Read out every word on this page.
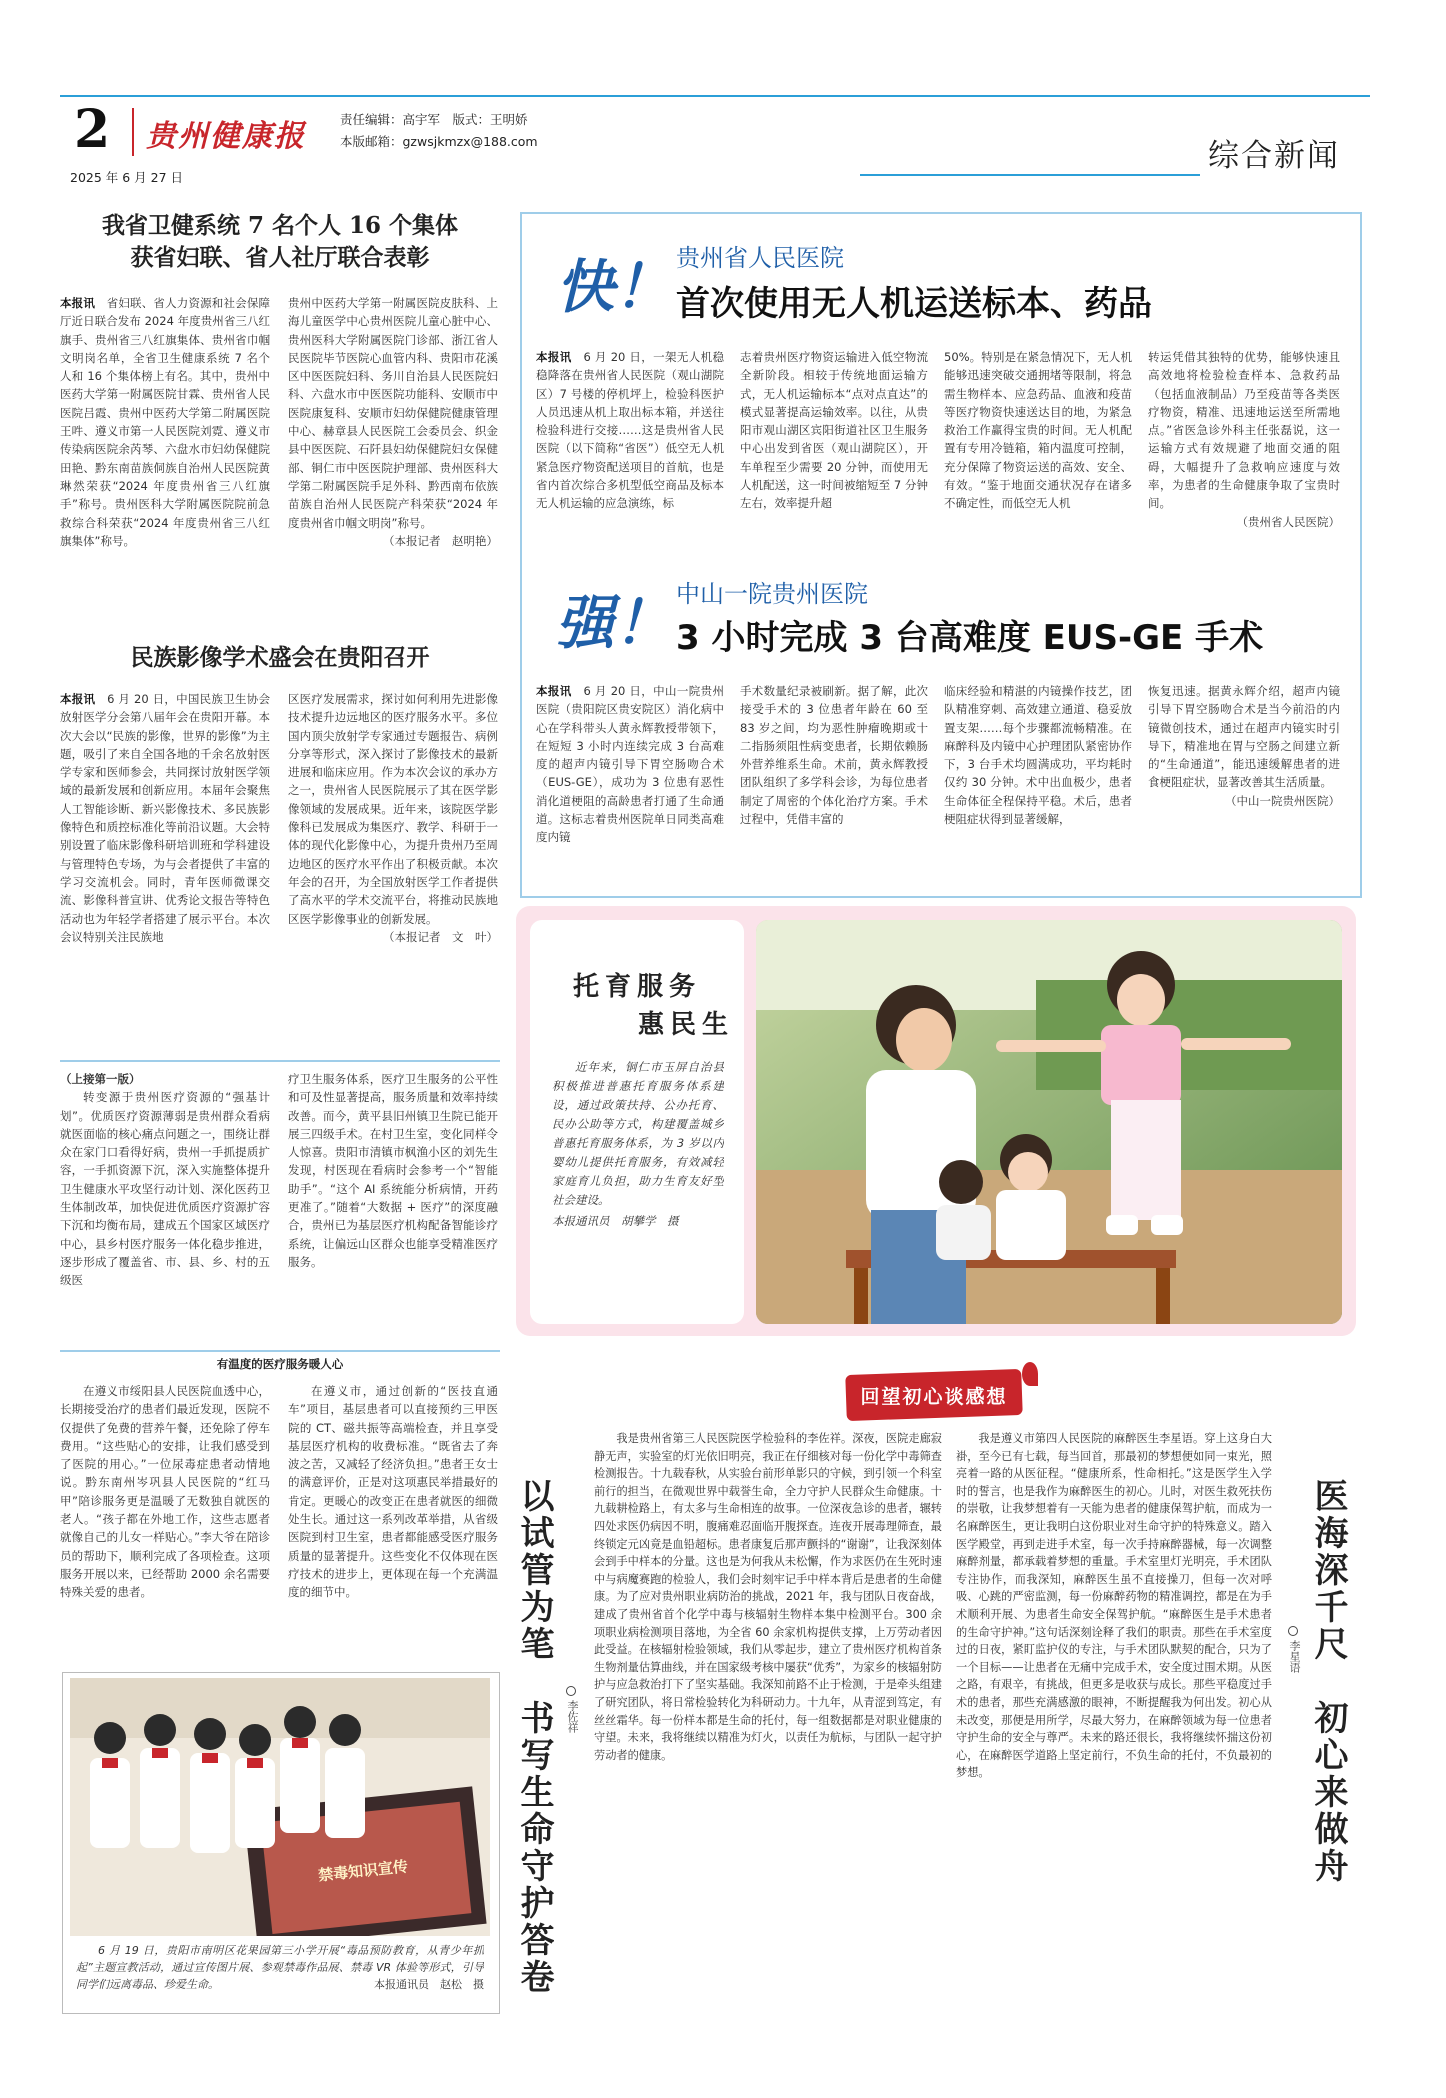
2 贵州健康报	责任编辑：高宇军　版式：王明娇
本版邮箱：gzwsjkmzx@188.com
2025 年 6 月 27 日
综合新闻
我省卫健系统 7 名个人 16 个集体
获省妇联、省人社厅联合表彰
本报讯　省妇联、省人力资源和社会保障厅近日联合发布 2024 年度贵州省三八红旗手、贵州省三八红旗集体、贵州省巾帼文明岗名单，全省卫生健康系统 7 名个人和 16 个集体榜上有名。其中，贵州中医药大学第一附属医院甘霖、贵州省人民医院吕霞、贵州中医药大学第二附属医院王吽、遵义市第一人民医院刘霓、遵义市传染病医院余芮琴、六盘水市妇幼保健院田艳、黔东南苗族侗族自治州人民医院黄琳然荣获“2024 年度贵州省三八红旗手”称号。贵州医科大学附属医院院前急救综合科荣获“2024 年度贵州省三八红旗集体”称号。
贵州中医药大学第一附属医院皮肤科、上海儿童医学中心贵州医院儿童心脏中心、贵州医科大学附属医院门诊部、浙江省人民医院毕节医院心血管内科、贵阳市花溪区中医医院妇科、务川自治县人民医院妇科、六盘水市中医医院功能科、安顺市中医院康复科、安顺市妇幼保健院健康管理中心、赫章县人民医院工会委员会、织金县中医医院、石阡县妇幼保健院妇女保健部、铜仁市中医医院护理部、贵州医科大学第二附属医院手足外科、黔西南布依族苗族自治州人民医院产科荣获“2024 年度贵州省巾帼文明岗”称号。
（本报记者　赵明艳）
民族影像学术盛会在贵阳召开
本报讯　6 月 20 日，中国民族卫生协会放射医学分会第八届年会在贵阳开幕。本次大会以“民族的影像，世界的影像”为主题，吸引了来自全国各地的千余名放射医学专家和医师参会，共同探讨放射医学领域的最新发展和创新应用。本届年会聚焦人工智能诊断、新兴影像技术、多民族影像特色和质控标准化等前沿议题。大会特别设置了临床影像科研培训班和学科建设与管理特色专场，为与会者提供了丰富的学习交流机会。同时，青年医师微课交流、影像科普宣讲、优秀论文报告等特色活动也为年轻学者搭建了展示平台。本次会议特别关注民族地
区医疗发展需求，探讨如何利用先进影像技术提升边远地区的医疗服务水平。多位国内顶尖放射学专家通过专题报告、病例分享等形式，深入探讨了影像技术的最新进展和临床应用。作为本次会议的承办方之一，贵州省人民医院展示了其在医学影像领域的发展成果。近年来，该院医学影像科已发展成为集医疗、教学、科研于一体的现代化影像中心，为提升贵州乃至周边地区的医疗水平作出了积极贡献。本次年会的召开，为全国放射医学工作者提供了高水平的学术交流平台，将推动民族地区医学影像事业的创新发展。
（本报记者　文　叶）
快！ 贵州省人民医院
首次使用无人机运送标本、药品
本报讯　6 月 20 日，一架无人机稳稳降落在贵州省人民医院（观山湖院区）7 号楼的停机坪上，检验科医护人员迅速从机上取出标本箱，并送往检验科进行交接……这是贵州省人民医院（以下简称“省医”）低空无人机紧急医疗物资配送项目的首航，也是省内首次综合多机型低空商品及标本无人机运输的应急演练，标
志着贵州医疗物资运输进入低空物流全新阶段。相较于传统地面运输方式，无人机运输标本“点对点直达”的模式显著提高运输效率。以往，从贵阳市观山湖区宾阳街道社区卫生服务中心出发到省医（观山湖院区），开车单程至少需要 20 分钟，而使用无人机配送，这一时间被缩短至 7 分钟左右，效率提升超
50%。特别是在紧急情况下，无人机能够迅速突破交通拥堵等限制，将急需生物样本、应急药品、血液和疫苗等医疗物资快速送达目的地，为紧急救治工作赢得宝贵的时间。无人机配置有专用冷链箱，箱内温度可控制，充分保障了物资运送的高效、安全、有效。“鉴于地面交通状况存在诸多不确定性，而低空无人机
转运凭借其独特的优势，能够快速且高效地将检验检查样本、急救药品（包括血液制品）乃至疫苗等各类医疗物资，精准、迅速地运送至所需地点。”省医急诊外科主任张磊说，这一运输方式有效规避了地面交通的阻碍，大幅提升了急救响应速度与效率，为患者的生命健康争取了宝贵时间。
（贵州省人民医院）
强！ 中山一院贵州医院
3 小时完成 3 台高难度 EUS-GE 手术
本报讯　6 月 20 日，中山一院贵州医院（贵阳院区贵安院区）消化病中心在学科带头人黄永辉教授带领下，在短短 3 小时内连续完成 3 台高难度的超声内镜引导下胃空肠吻合术（EUS-GE），成功为 3 位患有恶性消化道梗阻的高龄患者打通了生命通道。这标志着贵州医院单日同类高难度内镜
手术数量纪录被刷新。据了解，此次接受手术的 3 位患者年龄在 60 至 83 岁之间，均为恶性肿瘤晚期或十二指肠须阻性病变患者，长期依赖肠外营养维系生命。术前，黄永辉教授团队组织了多学科会诊，为每位患者制定了周密的个体化治疗方案。手术过程中，凭借丰富的
临床经验和精湛的内镜操作技艺，团队精准穿刺、高效建立通道、稳妥放置支架……每个步骤都流畅精准。在麻醉科及内镜中心护理团队紧密协作下，3 台手术均圆满成功，平均耗时仅约 30 分钟。术中出血极少，患者生命体征全程保持平稳。术后，患者梗阻症状得到显著缓解，
恢复迅速。据黄永辉介绍，超声内镜引导下胃空肠吻合术是当今前沿的内镜微创技术，通过在超声内镜实时引导下，精准地在胃与空肠之间建立新的“生命通道”，能迅速缓解患者的进食梗阻症状，显著改善其生活质量。
（中山一院贵州医院）
托育服务
惠民生
近年来，铜仁市玉屏自治县积极推进普惠托育服务体系建设，通过政策扶持、公办托育、民办公助等方式，构建覆盖城乡普惠托育服务体系，为 3 岁以内婴幼儿提供托育服务，有效减轻家庭育儿负担，助力生育友好型社会建设。
本报通讯员　胡攀学　摄
（上接第一版）
转变源于贵州医疗资源的“强基计划”。优质医疗资源薄弱是贵州群众看病就医面临的核心痛点问题之一，围绕让群众在家门口看得好病，贵州一手抓提质扩容，一手抓资源下沉，深入实施整体提升卫生健康水平攻坚行动计划、深化医药卫生体制改革，加快促进优质医疗资源扩容下沉和均衡布局，建成五个国家区域医疗中心，县乡村医疗服务一体化稳步推进，逐步形成了覆盖省、市、县、乡、村的五级医
疗卫生服务体系，医疗卫生服务的公平性和可及性显著提高，服务质量和效率持续改善。而今，黄平县旧州镇卫生院已能开展三四级手术。在村卫生室，变化同样令人惊喜。贵阳市清镇市枫渔小区的刘先生发现，村医现在看病时会参考一个“智能助手”。“这个 AI 系统能分析病情，开药更准了。”随着“大数据 + 医疗”的深度融合，贵州已为基层医疗机构配备智能诊疗系统，让偏远山区群众也能享受精准医疗服务。
有温度的医疗服务暖人心
在遵义市绥阳县人民医院血透中心，长期接受治疗的患者们最近发现，医院不仅提供了免费的营养午餐，还免除了停车费用。“这些贴心的安排，让我们感受到了医院的用心。”一位尿毒症患者动情地说。黔东南州岑巩县人民医院的“红马甲”陪诊服务更是温暖了无数独自就医的老人。“孩子都在外地工作，这些志愿者就像自己的儿女一样贴心。”李大爷在陪诊员的帮助下，顺利完成了各项检查。这项服务开展以来，已经帮助 2000 余名需要特殊关爱的患者。
在遵义市，通过创新的“医技直通车”项目，基层患者可以直接预约三甲医院的 CT、磁共振等高端检查，并且享受基层医疗机构的收费标准。“既省去了奔波之苦，又减轻了经济负担。”患者王女士的满意评价，正是对这项惠民举措最好的肯定。更暖心的改变正在患者就医的细微处生长。通过这一系列改革举措，从省级医院到村卫生室，患者都能感受医疗服务质量的显著提升。这些变化不仅体现在医疗技术的进步上，更体现在每一个充满温度的细节中。
禁毒知识宣传
6 月 19 日，贵阳市南明区花果园第三小学开展“毒品预防教育，从青少年抓起”主题宣教活动，通过宣传图片展、参观禁毒作品展、禁毒 VR 体验等形式，引导同学们远离毒品、珍爱生命。	本报通讯员　赵松　摄
回望初心谈感想
以试管为笔　书写生命守护答卷 李佐祥
我是贵州省第三人民医院医学检验科的李佐祥。深夜，医院走廊寂静无声，实验室的灯光依旧明亮，我正在仔细核对每一份化学中毒筛查检测报告。十九载春秋，从实验台前形单影只的守候，到引领一个科室前行的担当，在微观世界中载誉生命，全力守护人民群众生命健康。十九载耕检路上，有太多与生命相连的故事。一位深夜急诊的患者，辗转四处求医仍病因不明，腹痛难忍面临开腹探查。连夜开展毒理筛查，最终锁定元凶竟是血铅超标。患者康复后那声颤抖的“谢谢”，让我深刻体会到手中样本的分量。这也是为何我从未松懈，作为求医仍在生死时速中与病魔赛跑的检验人，我们会时刻牢记手中样本背后是患者的生命健康。为了应对贵州职业病防治的挑战，2021 年，我与团队日夜奋战，建成了贵州省首个化学中毒与核辐射生物样本集中检测平台。300 余项职业病检测项目落地，为全省 60 余家机构提供支撑，上万劳动者因此受益。在核辐射检验领域，我们从零起步，建立了贵州医疗机构首条生物剂量估算曲线，并在国家级考核中屡获“优秀”，为家乡的核辐射防护与应急救治打下了坚实基础。我深知前路不止于检测，于是牵头组建了研究团队，将日常检验转化为科研动力。十九年，从青涩到笃定，有丝丝霜华。每一份样本都是生命的托付，每一组数据都是对职业健康的守望。未来，我将继续以精准为灯火，以责任为航标，与团队一起守护劳动者的健康。
我是遵义市第四人民医院的麻醉医生李星语。穿上这身白大褂，至今已有七载，每当回首，那最初的梦想便如同一束光，照亮着一路的从医征程。“健康所系，性命相托。”这是医学生入学时的誓言，也是我作为麻醉医生的初心。儿时，对医生救死扶伤的崇敬，让我梦想着有一天能为患者的健康保驾护航，而成为一名麻醉医生，更让我明白这份职业对生命守护的特殊意义。踏入医学殿堂，再到走进手术室，每一次手持麻醉器械，每一次调整麻醉剂量，都承载着梦想的重量。手术室里灯光明亮，手术团队专注协作，而我深知，麻醉医生虽不直接操刀，但每一次对呼吸、心跳的严密监测，每一份麻醉药物的精准调控，都是在为手术顺利开展、为患者生命安全保驾护航。“麻醉医生是手术患者的生命守护神。”这句话深刻诠释了我们的职责。那些在手术室度过的日夜，紧盯监护仪的专注，与手术团队默契的配合，只为了一个目标——让患者在无痛中完成手术，安全度过围术期。从医之路，有艰辛，有挑战，但更多是收获与成长。那些平稳度过手术的患者，那些充满感激的眼神，不断提醒我为何出发。初心从未改变，那便是用所学，尽最大努力，在麻醉领域为每一位患者守护生命的安全与尊严。未来的路还很长，我将继续怀揣这份初心，在麻醉医学道路上坚定前行，不负生命的托付，不负最初的梦想。
李星语 医海深千尺　初心来做舟
